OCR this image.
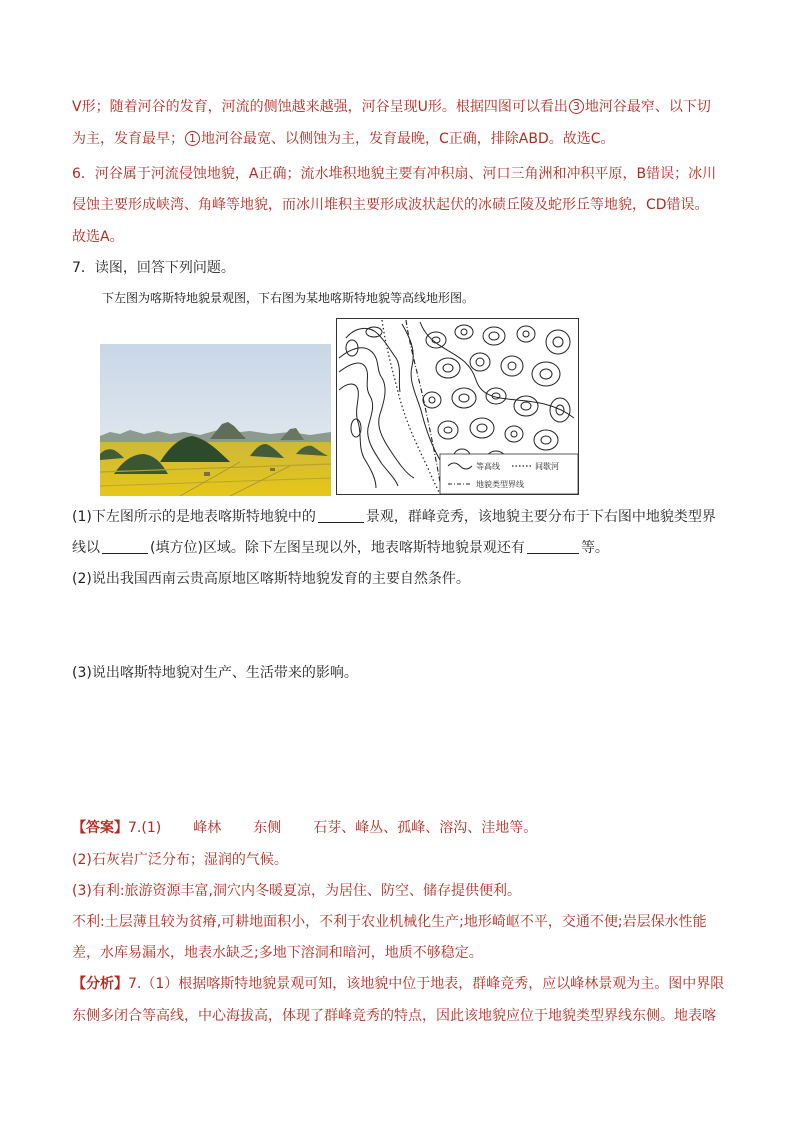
V形；随着河谷的发育，河流的侧蚀越来越强，河谷呈现U形。根据四图可以看出 3 地河谷最窄、以下切
为主，发育最早； 1 地河谷最宽、以侧蚀为主，发育最晚，C正确，排除ABD。故选C。
6．河谷属于河流侵蚀地貌，A正确；流水堆积地貌主要有冲积扇、河口三角洲和冲积平原，B错误；冰川
侵蚀主要形成峡湾、角峰等地貌，而冰川堆积主要形成波状起伏的冰碛丘陵及蛇形丘等地貌，CD错误。
故选A。
7．读图，回答下列问题。
下左图为喀斯特地貌景观图，下右图为某地喀斯特地貌等高线地形图。
等高线	间歇河
地貌类型界线
(1)下左图所示的是地表喀斯特地貌中的	景观，群峰竞秀，该地貌主要分布于下右图中地貌类型界
线以	(填方位)区域。除下左图呈现以外，地表喀斯特地貌景观还有	等。
(2)说出我国西南云贵高原地区喀斯特地貌发育的主要自然条件。
(3)说出喀斯特地貌对生产、生活带来的影响。
【答案】7.(1) 峰林 东侧 石芽、峰丛、孤峰、溶沟、洼地等。
(2)石灰岩广泛分布；湿润的气候。
(3)有利:旅游资源丰富,洞穴内冬暖夏凉，为居住、防空、储存提供便利。
不利:土层薄且较为贫瘠,可耕地面积小，不利于农业机械化生产;地形崎岖不平，交通不便;岩层保水性能
差，水库易漏水，地表水缺乏;多地下溶洞和暗河，地质不够稳定。
【分析】7.（1）根据喀斯特地貌景观可知，该地貌中位于地表，群峰竞秀，应以峰林景观为主。图中界限
东侧多闭合等高线，中心海拔高，体现了群峰竞秀的特点，因此该地貌应位于地貌类型界线东侧。地表喀
